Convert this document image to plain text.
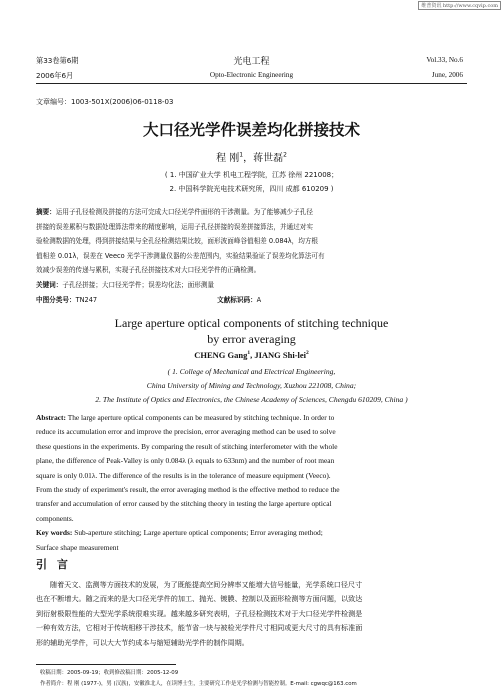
维普资讯 http://www.cqvip.com
第33卷第6期	光电工程	Vol.33, No.6
2006年6月	Opto-Electronic Engineering	June, 2006
文章编号：1003-501X(2006)06-0118-03
大口径光学件误差均化拼接技术
程 刚$^1$，蒋世磊$^2$
( 1. 中国矿业大学 机电工程学院，江苏 徐州 221008；
2. 中国科学院光电技术研究所，四川 成都 610209 )
摘要：运用子孔径检测及拼接的方法可完成大口径光学件面形的干涉测量。为了能够减少子孔径
拼接的误差累积与数据处理算法带来的精度影响，运用子孔径拼接的误差拼接算法，并通过对实
验检测数据的处理，得到拼接结果与全孔径检测结果比较，面形波面峰谷值相差 0.084λ，均方根
值相差 0.01λ，误差在 Veeco 光学干涉测量仪器的公差范围内，实验结果验证了误差均化算法可有
效减少误差的传递与累积，实现子孔径拼接技术对大口径光学件的正确检测。
关键词：子孔径拼接；大口径光学件；误差均化法；面形测量
中图分类号：TN247	文献标识码：A
Large aperture optical components of stitching technique
by error averaging
CHENG Gang$^1$, JIANG Shi-lei$^2$
( 1. College of Mechanical and Electrical Engineering,
China University of Mining and Technology, Xuzhou 221008, China;
2. The Institute of Optics and Electronics, the Chinese Academy of Sciences, Chengdu 610209, China )
Abstract: The large aperture optical components can be measured by stitching technique. In order to
reduce its accumulation error and improve the precision, error averaging method can be used to solve
these questions in the experiments. By comparing the result of stitching interferometer with the whole
plane, the difference of Peak-Valley is only 0.084λ (λ equals to 633nm) and the number of root mean
square is only 0.01λ. The difference of the results is in the tolerance of measure equipment (Veeco).
From the study of experiment's result, the error averaging method is the effective method to reduce the
transfer and accumulation of error caused by the stitching theory in testing the large aperture optical
components.
Key words: Sub-aperture stitching; Large aperture optical components; Error averaging method;
Surface shape measurement
引 言
随着天文、监测等方面技术的发展，为了既能提高空间分辨率又能增大信号能量，光学系统口径尺寸
也在不断增大。随之而来的是大口径光学件的加工、抛光、镀膜、控制以及面形检测等方面问题，以致达
到衍射极限性能的大型光学系统很难实现。越来越多研究表明，子孔径检测技术对于大口径光学件检测是
一种有效方法，它相对于传统相移干涉技术，能节省一块与被检光学件尺寸相同或更大尺寸的具有标准面
形的辅助光学件，可以大大节约成本与缩短辅助光学件的制作周期。
收稿日期：2005-09-19；收到修改稿日期：2005-12-09
作者简介：程 刚 (1977-)，男 (汉族)，安徽淮北人，在读博士生，主要研究工作是光学检测与智能控制。E-mail: cgwqc@163.com
